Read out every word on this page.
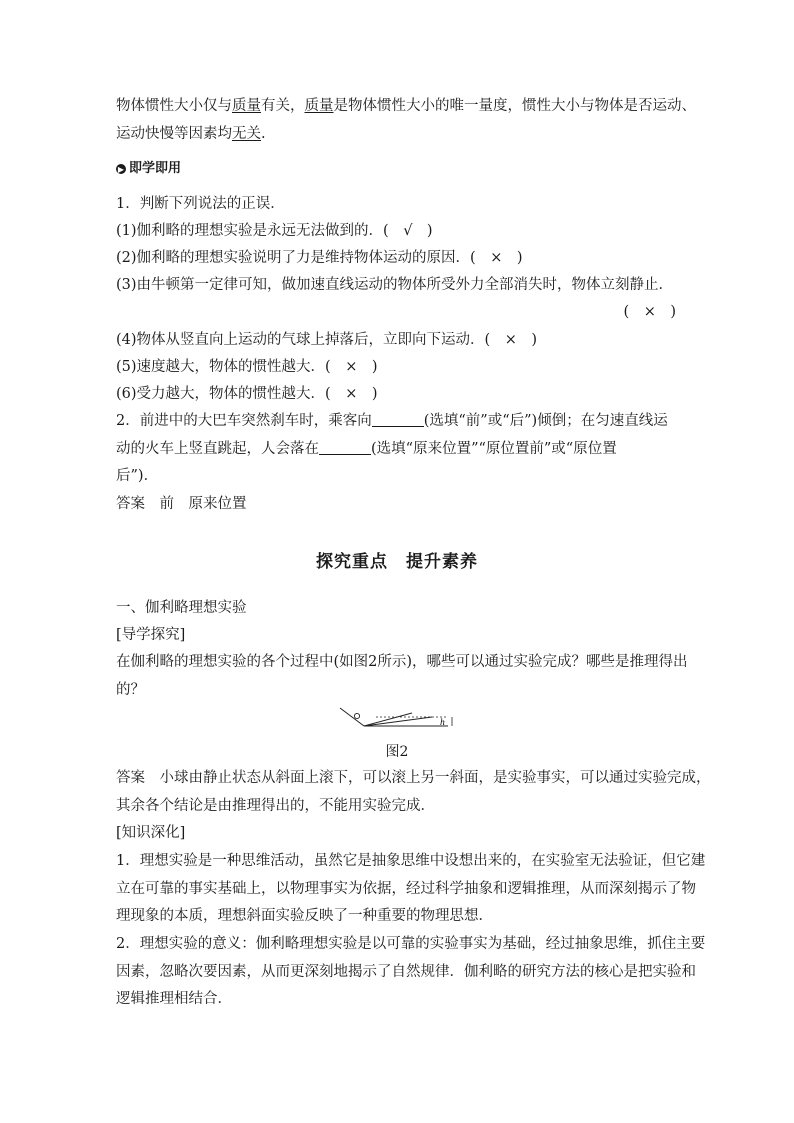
物体惯性大小仅与质量有关，质量是物体惯性大小的唯一量度，惯性大小与物体是否运动、
运动快慢等因素均无关.
▶ 即学即用
1．判断下列说法的正误．
(1)伽利略的理想实验是永远无法做到的．(　√　)
(2)伽利略的理想实验说明了力是维持物体运动的原因．(　×　)
(3)由牛顿第一定律可知，做加速直线运动的物体所受外力全部消失时，物体立刻静止．
(　×　)
(4)物体从竖直向上运动的气球上掉落后，立即向下运动．(　×　)
(5)速度越大，物体的惯性越大．(　×　)
(6)受力越大，物体的惯性越大．(　×　)
2．前进中的大巴车突然刹车时，乘客向	(选填“前”或“后”)倾倒；在匀速直线运
动的火车上竖直跳起，人会落在	(选填“原来位置”“原位置前”或“原位置
后”)．
答案　前　原来位置
探究重点　提升素养
一、伽利略理想实验
[导学探究]
在伽利略的理想实验的各个过程中(如图2所示)，哪些可以通过实验完成？哪些是推理得出
的？
h
图2
答案　小球由静止状态从斜面上滚下，可以滚上另一斜面，是实验事实，可以通过实验完成，
其余各个结论是由推理得出的，不能用实验完成．
[知识深化]
1．理想实验是一种思维活动，虽然它是抽象思维中设想出来的，在实验室无法验证，但它建
立在可靠的事实基础上，以物理事实为依据，经过科学抽象和逻辑推理，从而深刻揭示了物
理现象的本质，理想斜面实验反映了一种重要的物理思想．
2．理想实验的意义：伽利略理想实验是以可靠的实验事实为基础，经过抽象思维，抓住主要
因素，忽略次要因素，从而更深刻地揭示了自然规律．伽利略的研究方法的核心是把实验和
逻辑推理相结合．
